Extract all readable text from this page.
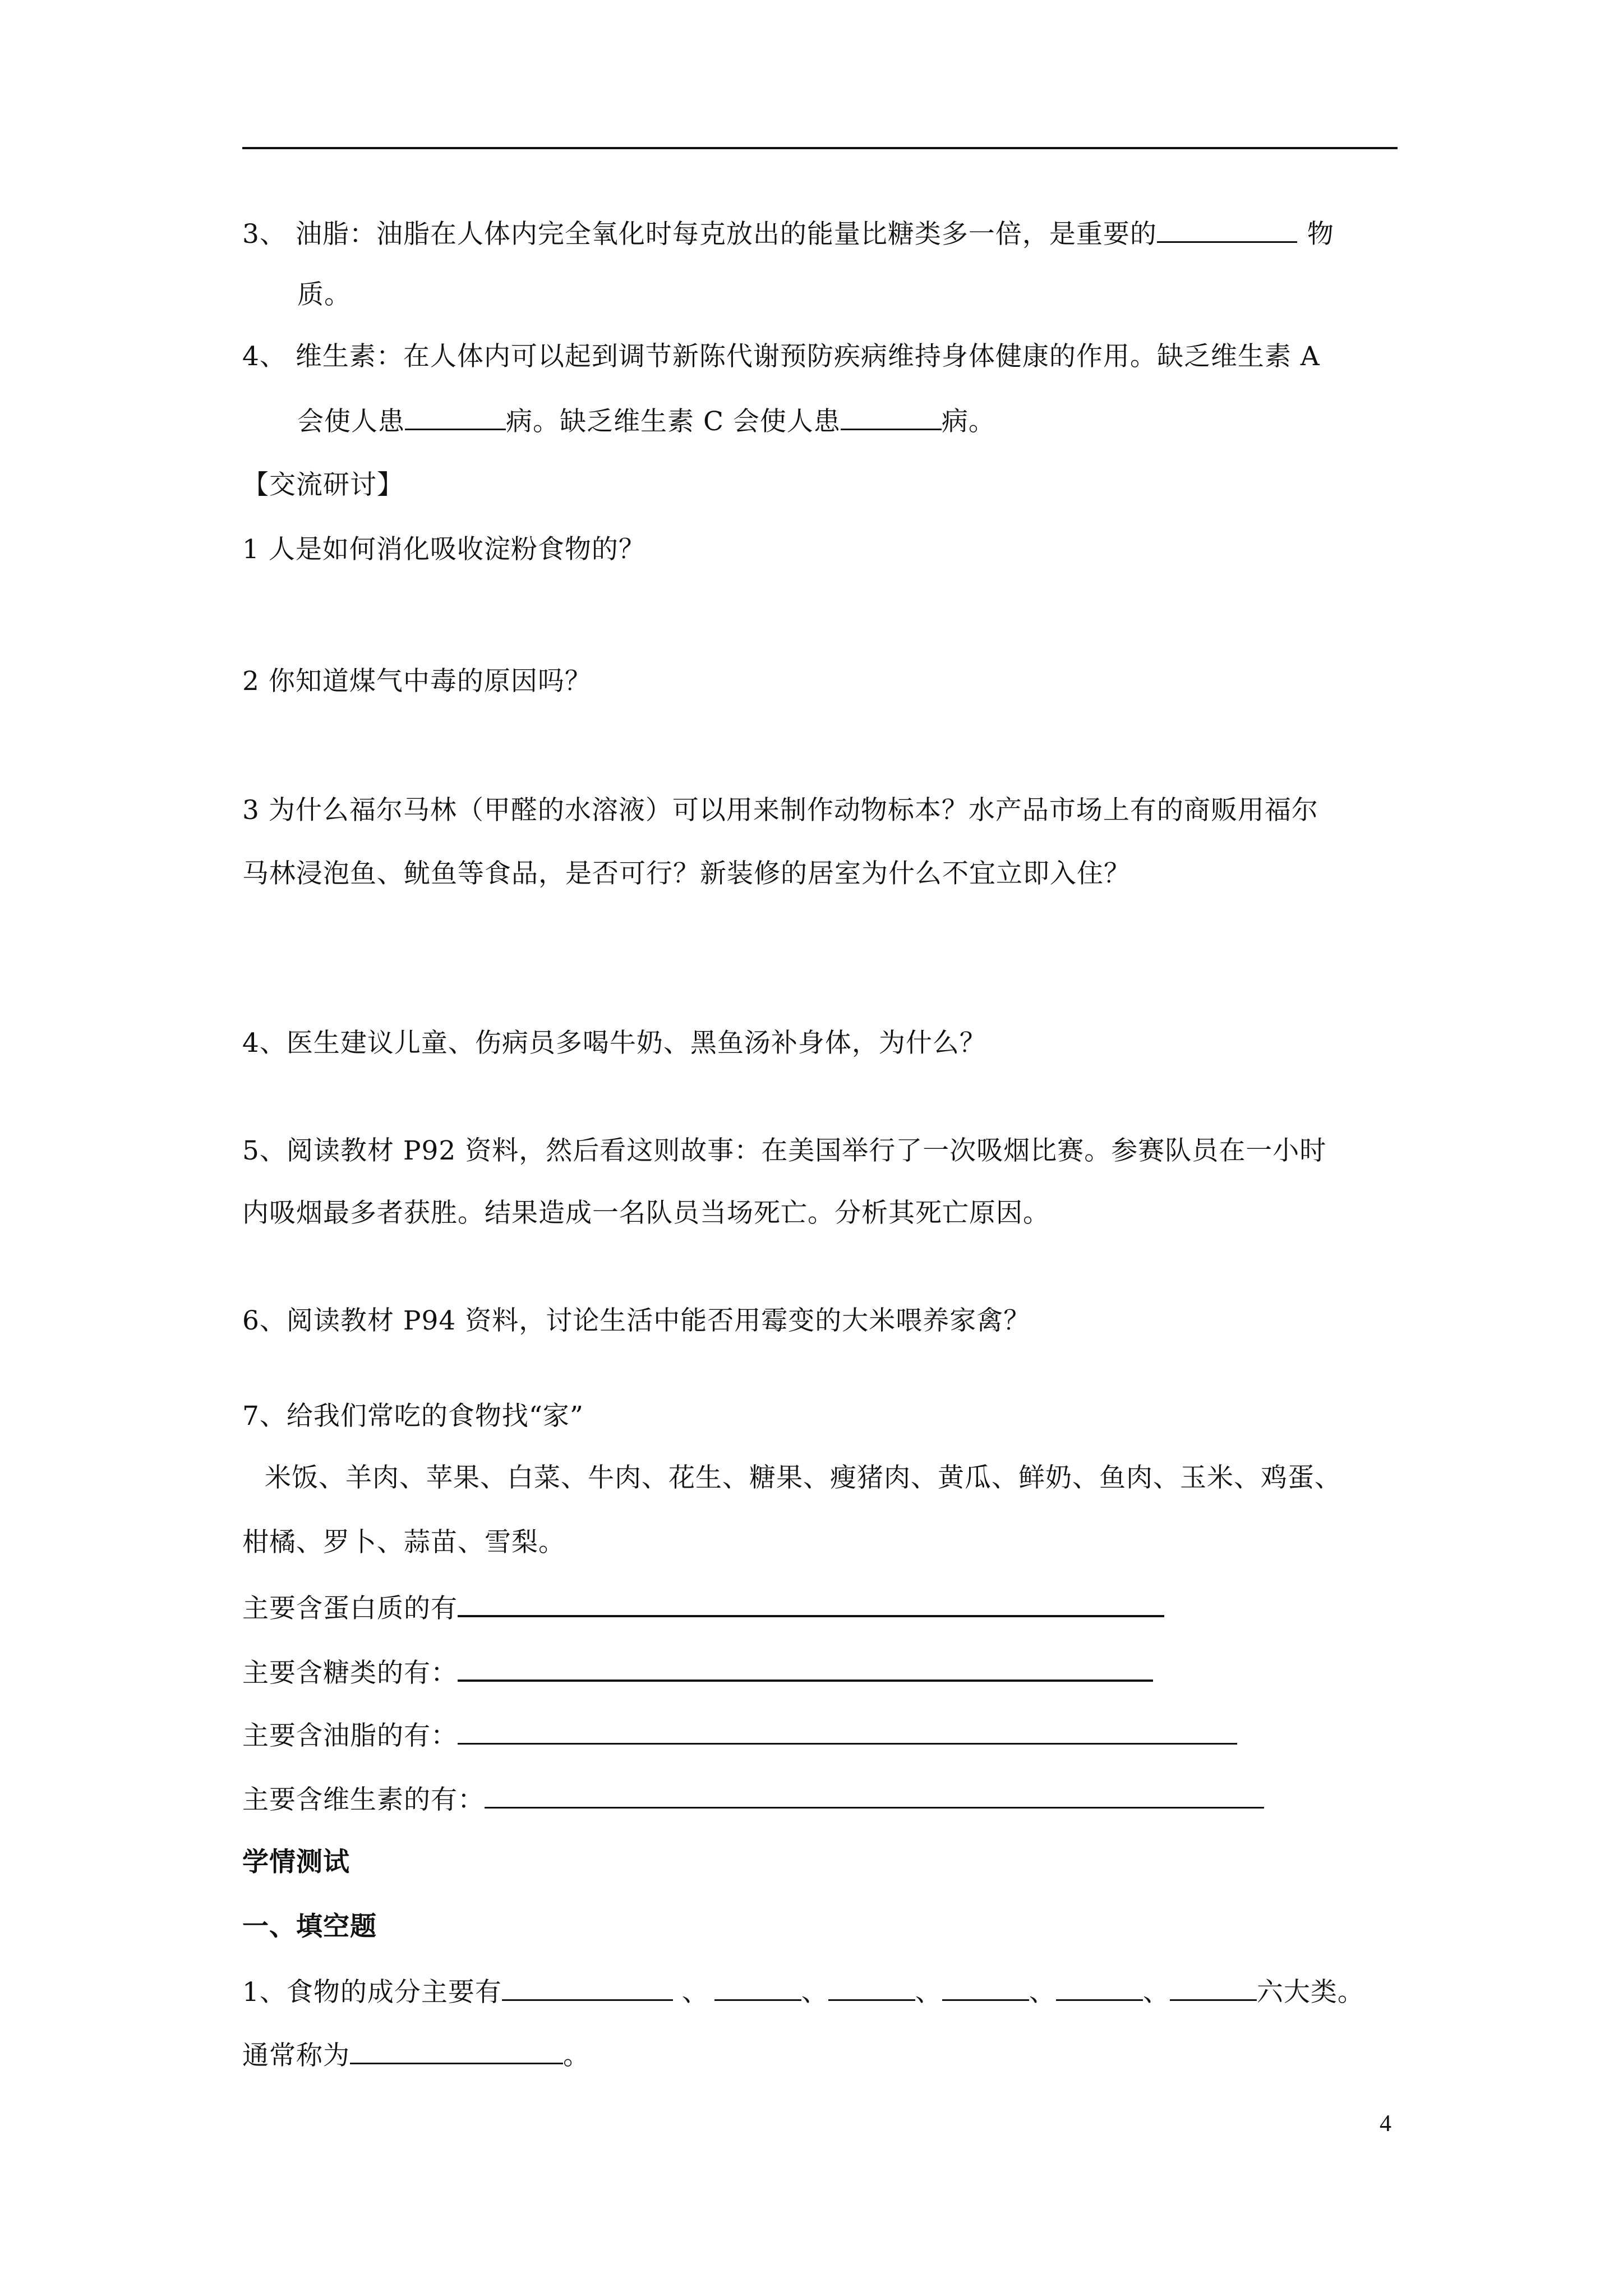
3、 油脂：油脂在人体内完全氧化时每克放出的能量比糖类多一倍，是重要的	物
质。
4、 维生素：在人体内可以起到调节新陈代谢预防疾病维持身体健康的作用。缺乏维生素 A
会使人患	病。缺乏维生素 C 会使人患	病。
【交流研讨】
1 人是如何消化吸收淀粉食物的？
2 你知道煤气中毒的原因吗？
3 为什么福尔马林（甲醛的水溶液）可以用来制作动物标本？水产品市场上有的商贩用福尔
马林浸泡鱼、鱿鱼等食品，是否可行？新装修的居室为什么不宜立即入住？
4、医生建议儿童、伤病员多喝牛奶、黑鱼汤补身体，为什么？
5、阅读教材 P92 资料，然后看这则故事：在美国举行了一次吸烟比赛。参赛队员在一小时
内吸烟最多者获胜。结果造成一名队员当场死亡。分析其死亡原因。
6、阅读教材 P94 资料，讨论生活中能否用霉变的大米喂养家禽？
7、给我们常吃的食物找“家”
米饭、羊肉、苹果、白菜、牛肉、花生、糖果、瘦猪肉、黄瓜、鲜奶、鱼肉、玉米、鸡蛋、
柑橘、罗卜、蒜苗、雪梨。
主要含蛋白质的有
主要含糖类的有：
主要含油脂的有：
主要含维生素的有：
学情测试
一、填空题
1、食物的成分主要有	、	、	、	、	、	六大类。
通常称为	。
4
